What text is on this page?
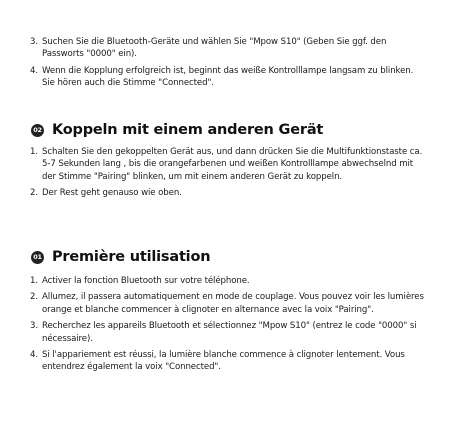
3. Suchen Sie die Bluetooth-Geräte und wählen Sie "Mpow S10" (Geben Sie ggf. den Passworts "0000" ein).
4. Wenn die Kopplung erfolgreich ist, beginnt das weiße Kontrolllampe langsam zu blinken. Sie hören auch die Stimme "Connected".
02 Koppeln mit einem anderen Gerät
1. Schalten Sie den gekoppelten Gerät aus, und dann drücken Sie die Multifunktionstaste ca. 5-7 Sekunden lang , bis die orangefarbenen und weißen Kontrolllampe abwechselnd mit der Stimme "Pairing" blinken, um mit einem anderen Gerät zu koppeln.
2. Der Rest geht genauso wie oben.
01 Première utilisation
1. Activer la fonction Bluetooth sur votre téléphone.
2. Allumez, il passera automatiquement en mode de couplage. Vous pouvez voir les lumières orange et blanche commencer à clignoter en alternance avec la voix "Pairing".
3. Recherchez les appareils Bluetooth et sélectionnez "Mpow S10" (entrez le code "0000" si nécessaire).
4. Si l'appariement est réussi, la lumière blanche commence à clignoter lentement. Vous entendrez également la voix "Connected".
